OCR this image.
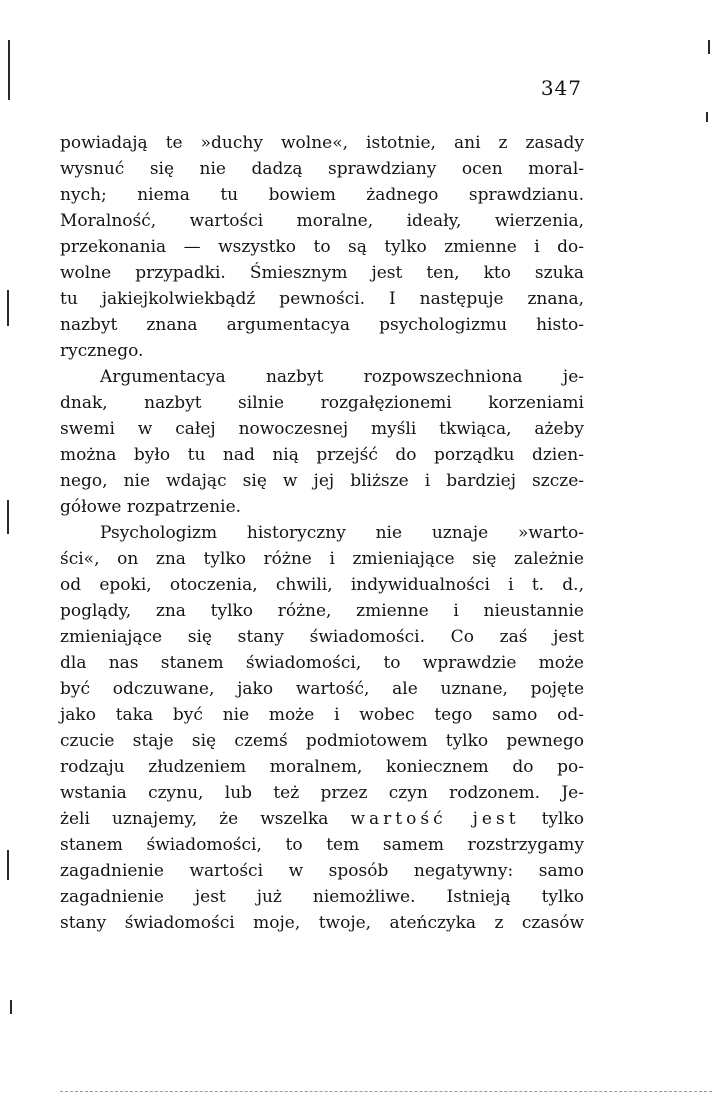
347
powiadają te »duchy wolne«, istotnie, ani z zasady
wysnuć się nie dadzą sprawdziany ocen moral-
nych; niema tu bowiem żadnego sprawdzianu.
Moralność, wartości moralne, ideały, wierzenia,
przekonania — wszystko to są tylko zmienne i do-
wolne przypadki. Śmiesznym jest ten, kto szuka
tu jakiejkolwiekbądź pewności. I następuje znana,
nazbyt znana argumentacya psychologizmu histo-
rycznego.
Argumentacya nazbyt rozpowszechniona je-
dnak, nazbyt silnie rozgałęzionemi korzeniami
swemi w całej nowoczesnej myśli tkwiąca, ażeby
można było tu nad nią przejść do porządku dzien-
nego, nie wdając się w jej bliższe i bardziej szcze-
gółowe rozpatrzenie.
Psychologizm historyczny nie uznaje »warto-
ści«, on zna tylko różne i zmieniające się zależnie
od epoki, otoczenia, chwili, indywidualności i t. d.,
poglądy, zna tylko różne, zmienne i nieustannie
zmieniające się stany świadomości. Co zaś jest
dla nas stanem świadomości, to wprawdzie może
być odczuwane, jako wartość, ale uznane, pojęte
jako taka być nie może i wobec tego samo od-
czucie staje się czemś podmiotowem tylko pewnego
rodzaju złudzeniem moralnem, koniecznem do po-
wstania czynu, lub też przez czyn rodzonem. Je-
żeli uznajemy, że wszelka wartość jest tylko
stanem świadomości, to tem samem rozstrzygamy
zagadnienie wartości w sposób negatywny: samo
zagadnienie jest już niemożliwe. Istnieją tylko
stany świadomości moje, twoje, ateńczyka z czasów
